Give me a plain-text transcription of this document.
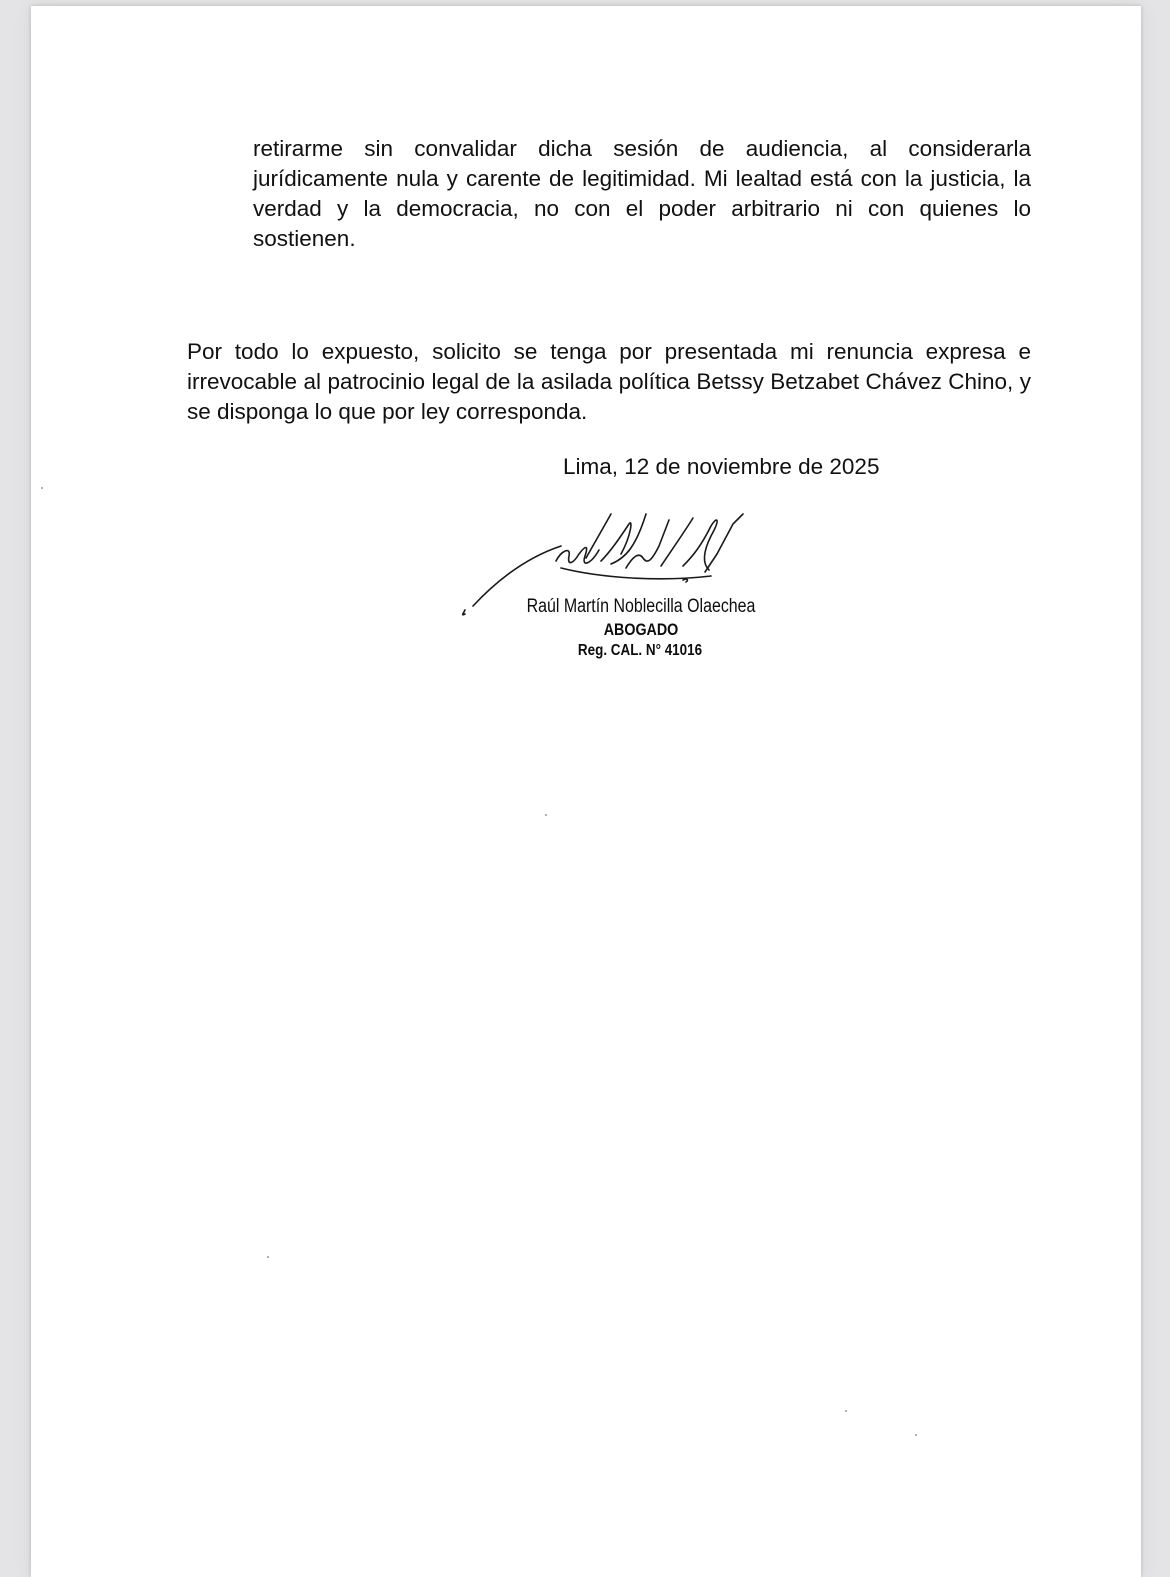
retirarme sin convalidar dicha sesión de audiencia, al considerarla jurídicamente nula y carente de legitimidad. Mi lealtad está con la justicia, la verdad y la democracia, no con el poder arbitrario ni con quienes lo sostienen.

Por todo lo expuesto, solicito se tenga por presentada mi renuncia expresa e irrevocable al patrocinio legal de la asilada política Betssy Betzabet Chávez Chino, y se disponga lo que por ley corresponda.

Lima, 12 de noviembre de 2025
Raúl Martín Noblecilla Olaechea
ABOGADO
Reg. CAL. N° 41016
